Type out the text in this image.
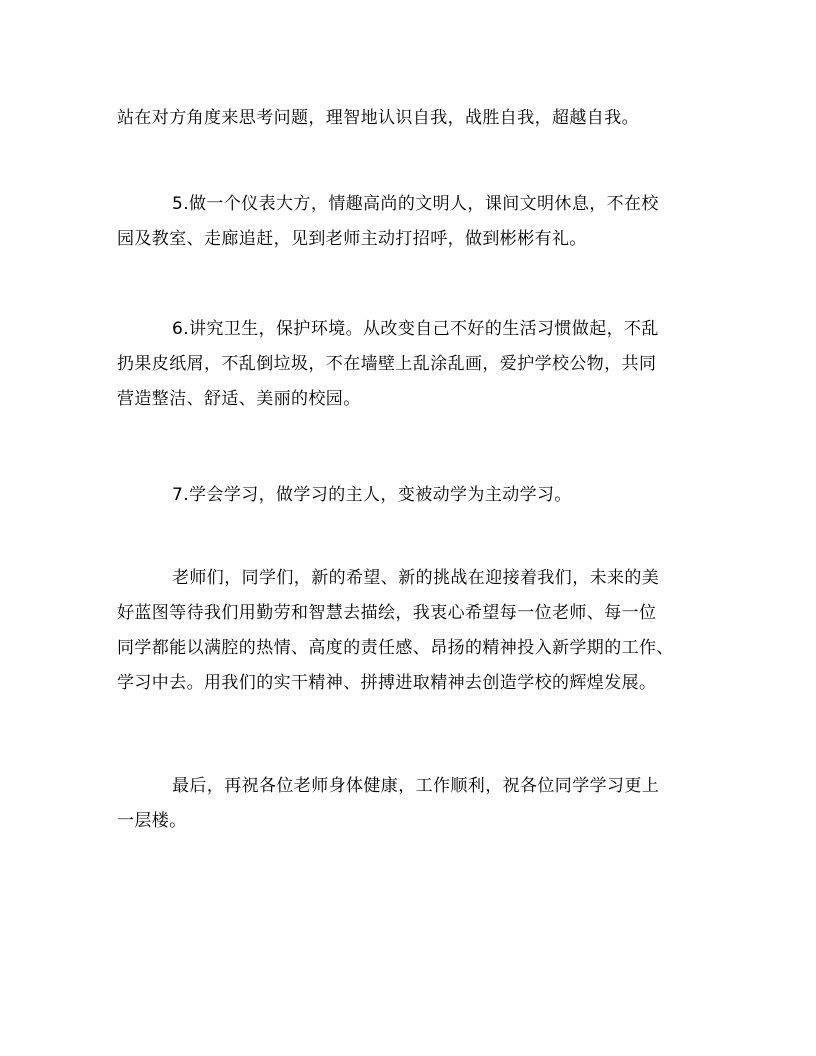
站在对方角度来思考问题，理智地认识自我，战胜自我，超越自我。

5.做一个仪表大方，情趣高尚的文明人，课间文明休息，不在校
园及教室、走廊追赶，见到老师主动打招呼，做到彬彬有礼。

6.讲究卫生，保护环境。从改变自己不好的生活习惯做起，不乱
扔果皮纸屑，不乱倒垃圾，不在墙壁上乱涂乱画，爱护学校公物，共同
营造整洁、舒适、美丽的校园。

7.学会学习，做学习的主人，变被动学为主动学习。

老师们，同学们，新的希望、新的挑战在迎接着我们，未来的美
好蓝图等待我们用勤劳和智慧去描绘，我衷心希望每一位老师、每一位
同学都能以满腔的热情、高度的责任感、昂扬的精神投入新学期的工作、
学习中去。用我们的实干精神、拼搏进取精神去创造学校的辉煌发展。

最后，再祝各位老师身体健康，工作顺利，祝各位同学学习更上
一层楼。
